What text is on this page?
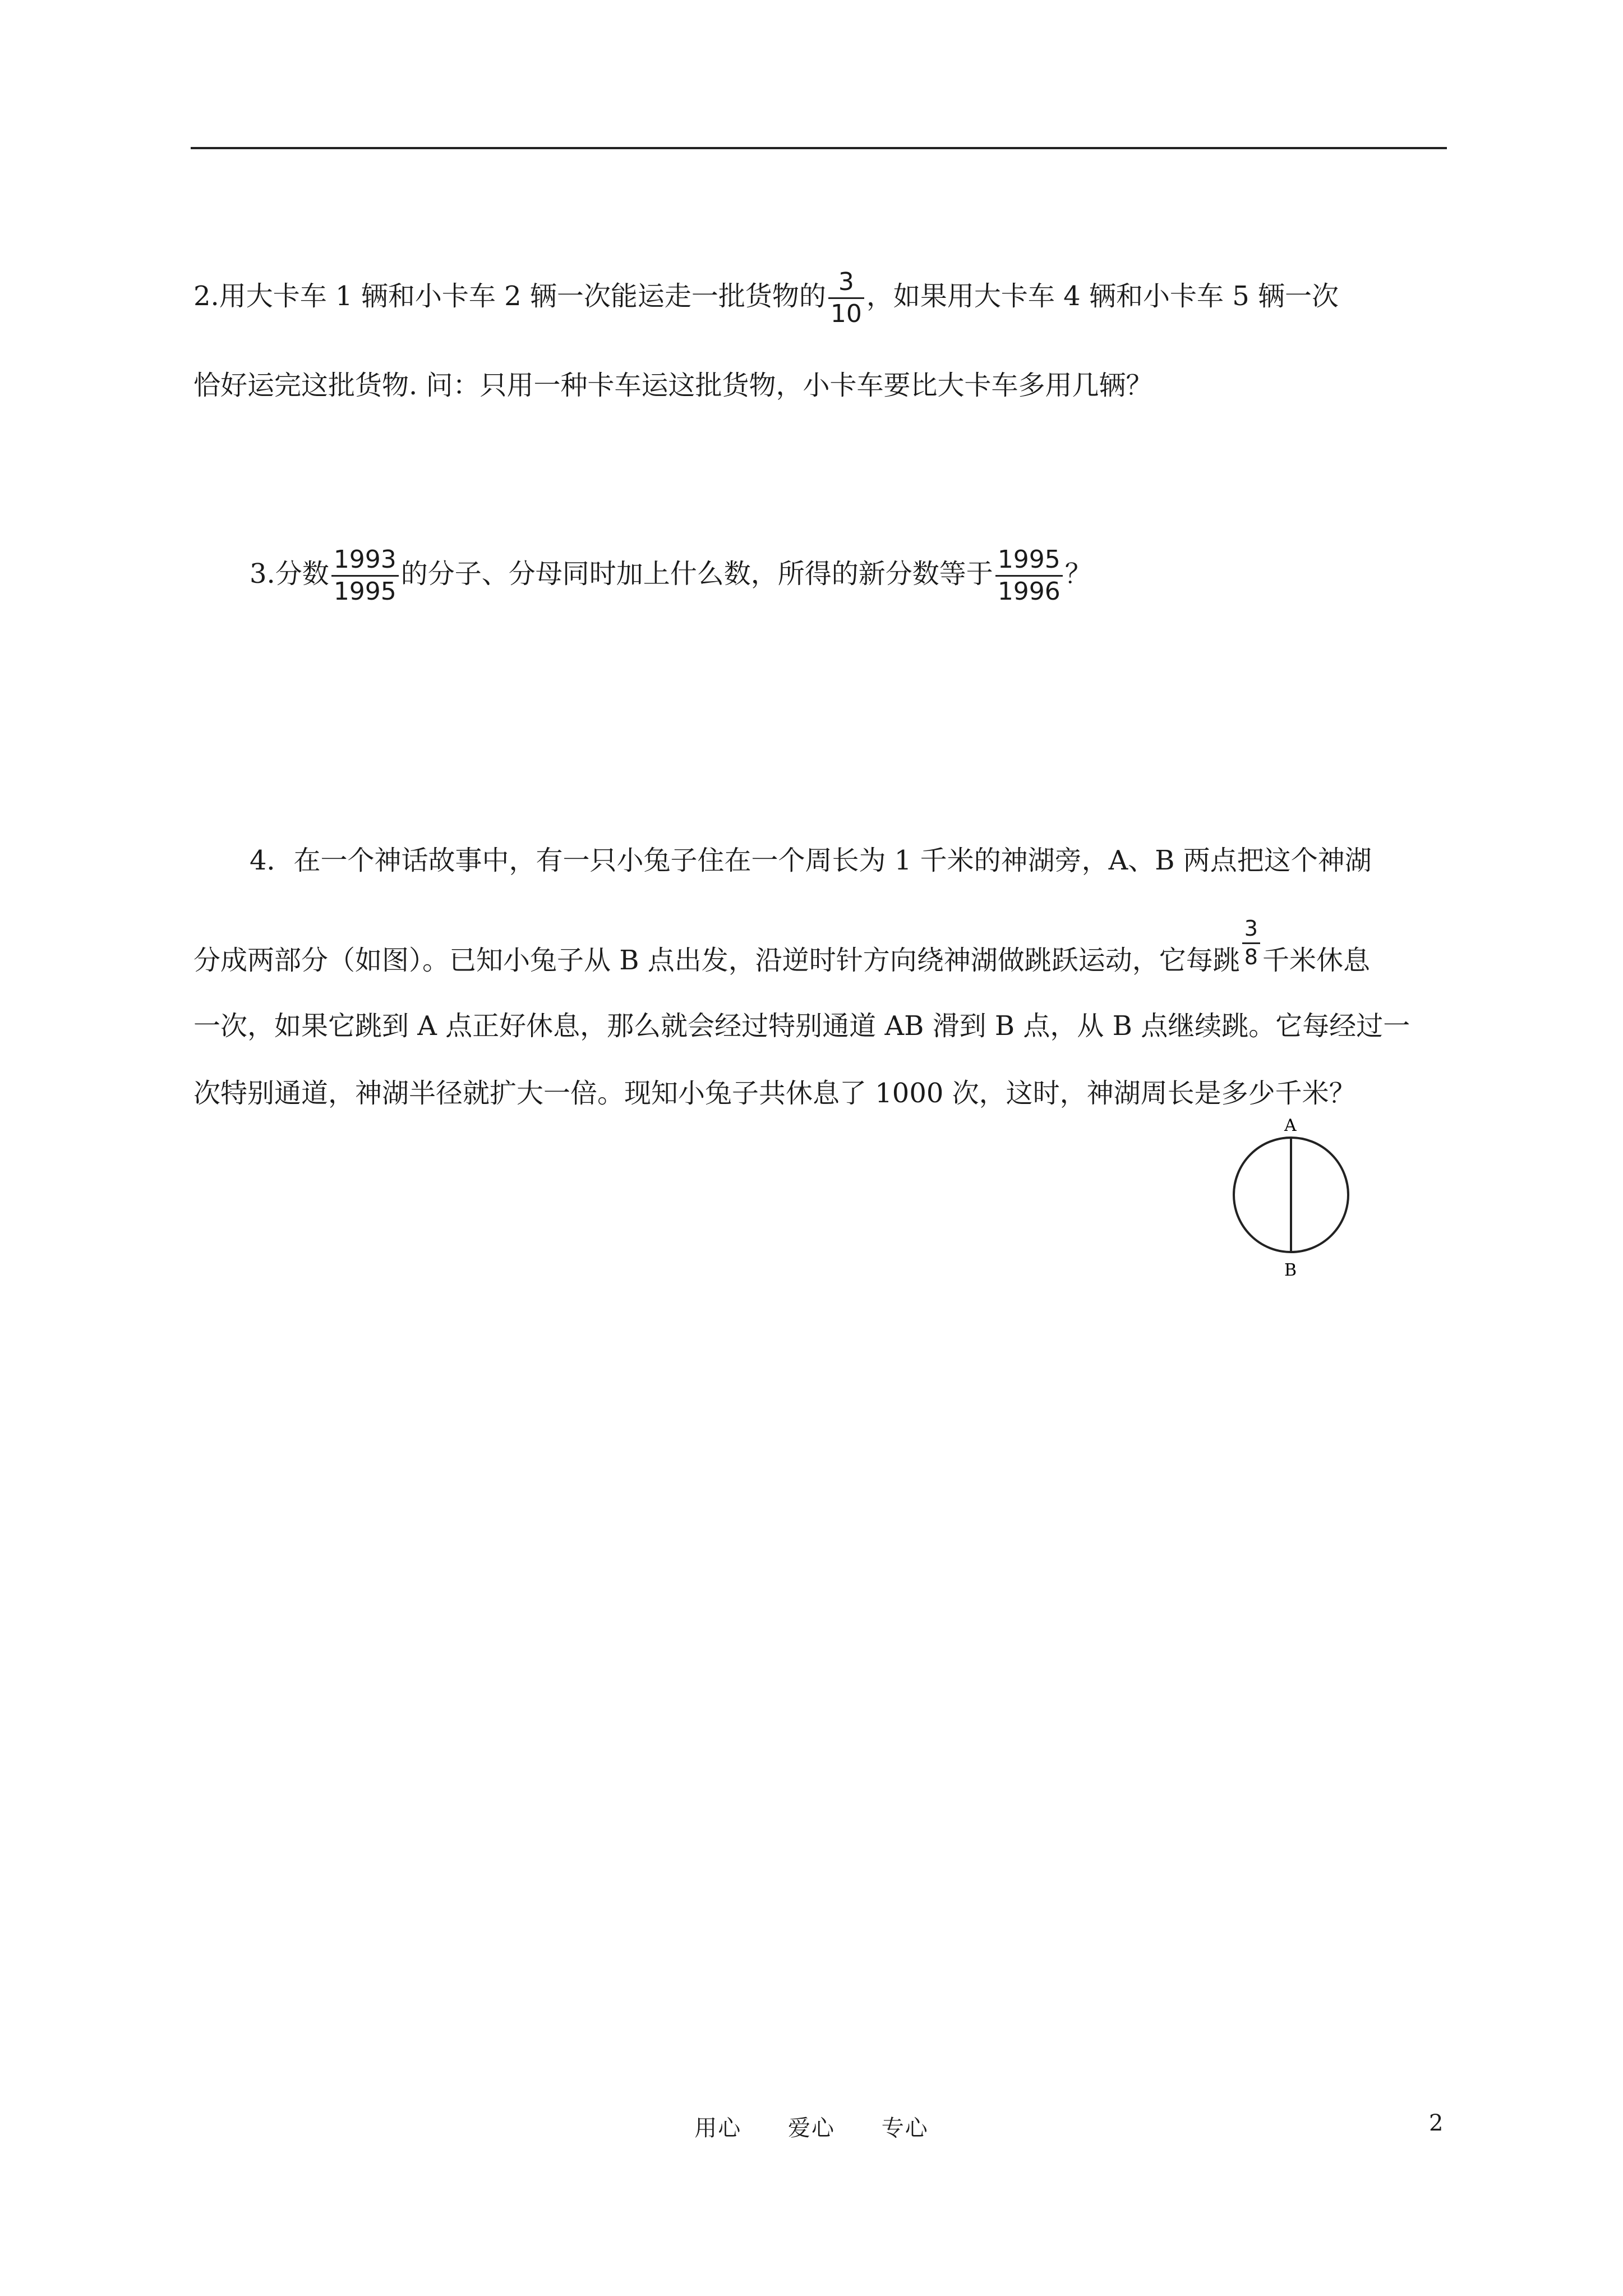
2.用大卡车 1 辆和小卡车 2 辆一次能运走一批货物的 $\frac{3}{10}$ ，如果用大卡车 4 辆和小卡车 5 辆一次
恰好运完这批货物. 问：只用一种卡车运这批货物，小卡车要比大卡车多用几辆？
3.分数 $\frac{1993}{1995}$ 的分子、分母同时加上什么数，所得的新分数等于 $\frac{1995}{1996}$ ？
4．在一个神话故事中，有一只小兔子住在一个周长为 1 千米的神湖旁，A、B 两点把这个神湖
分成两部分（如图）。已知小兔子从 B 点出发，沿逆时针方向绕神湖做跳跃运动，它每跳 $\frac{3}{8}$ 千米休息
一次，如果它跳到 A 点正好休息，那么就会经过特别通道 AB 滑到 B 点，从 B 点继续跳。它每经过一
次特别通道，神湖半径就扩大一倍。现知小兔子共休息了 1000 次，这时，神湖周长是多少千米？
A
B
用心 爱心 专心	2
